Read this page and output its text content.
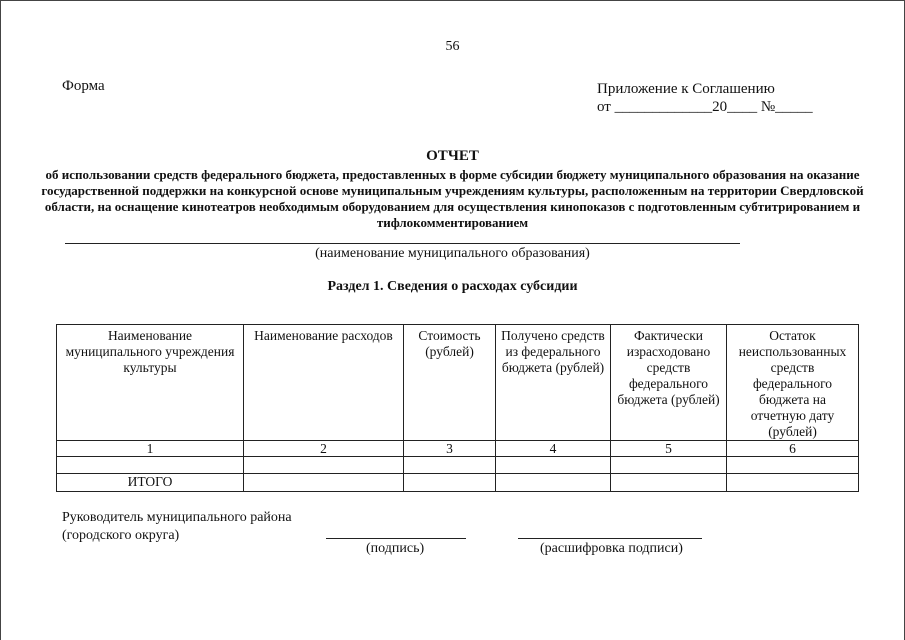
56
Форма	Приложение к Соглашению
от _____________20____ №_____
ОТЧЕТ
об использовании средств федерального бюджета, предоставленных в форме субсидии бюджету муниципального образования на оказание государственной поддержки на конкурсной основе муниципальным учреждениям культуры, расположенным на территории Свердловской области, на оснащение кинотеатров необходимым оборудованием для осуществления кинопоказов с подготовленным субтитрированием и тифлокомментированием
(наименование муниципального образования)
Раздел 1. Сведения о расходах субсидии
Наименование муниципального учреждения культуры	Наименование расходов	Стоимость (рублей)	Получено средств из федерального бюджета (рублей)	Фактически израсходовано средств федерального бюджета (рублей)	Остаток неиспользованных средств федерального бюджета на отчетную дату (рублей)
1	2	3	4	5	6

ИТОГО					
Руководитель муниципального района
(городского округа)
(подпись)	(расшифровка подписи)
